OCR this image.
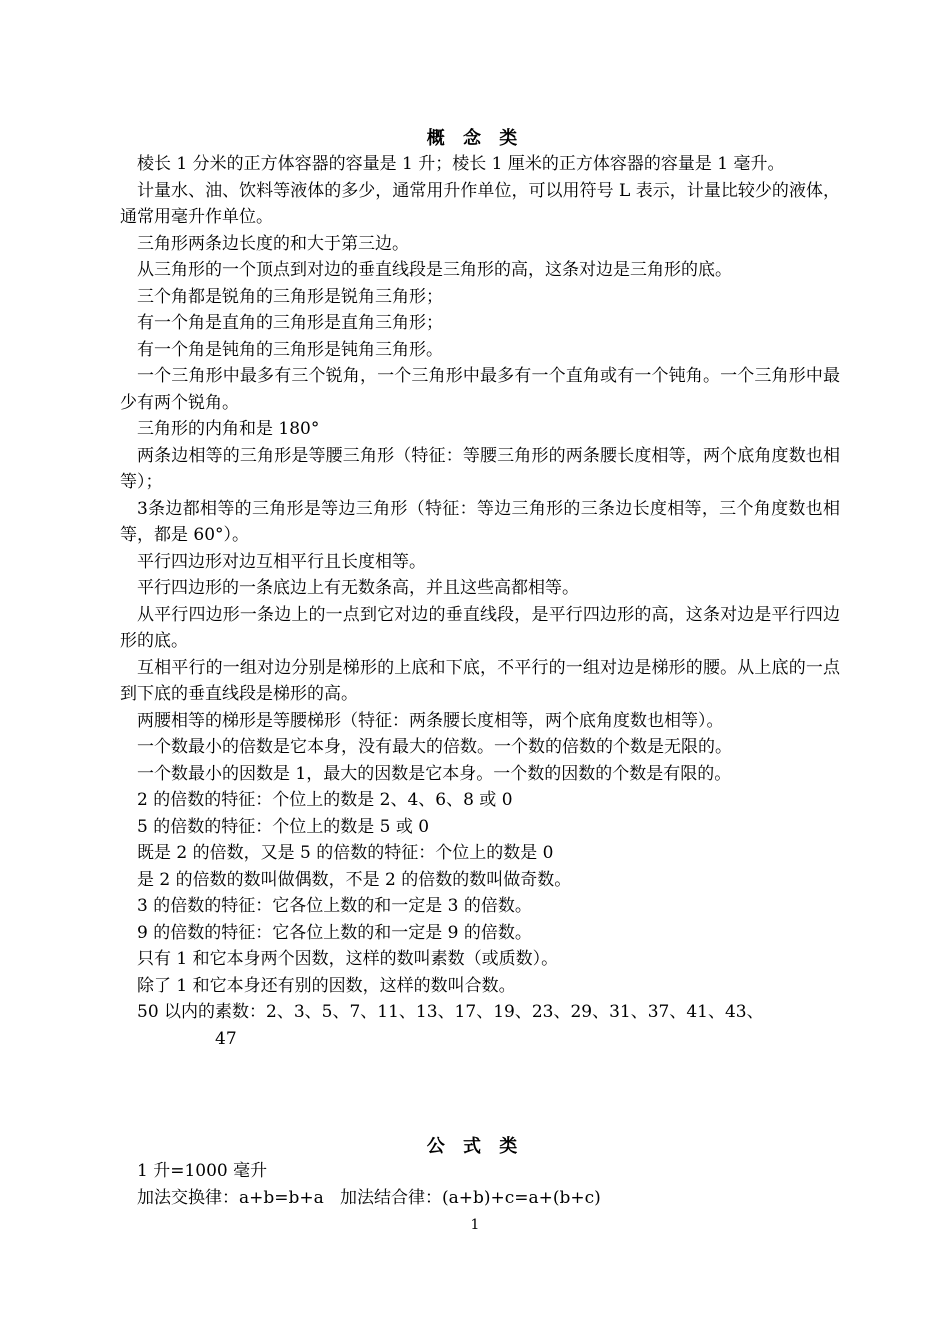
概 念 类

棱长 1 分米的正方体容器的容量是 1 升；棱长 1 厘米的正方体容器的容量是 1 毫升。

计量水、油、饮料等液体的多少，通常用升作单位，可以用符号 L 表示，计量比较少的液体，通常用毫升作单位。

三角形两条边长度的和大于第三边。

从三角形的一个顶点到对边的垂直线段是三角形的高，这条对边是三角形的底。

三个角都是锐角的三角形是锐角三角形；

有一个角是直角的三角形是直角三角形；

有一个角是钝角的三角形是钝角三角形。

一个三角形中最多有三个锐角，一个三角形中最多有一个直角或有一个钝角。一个三角形中最少有两个锐角。

三角形的内角和是 180°

两条边相等的三角形是等腰三角形（特征：等腰三角形的两条腰长度相等，两个底角度数也相等）；

3条边都相等的三角形是等边三角形（特征：等边三角形的三条边长度相等，三个角度数也相等，都是 60°）。

平行四边形对边互相平行且长度相等。

平行四边形的一条底边上有无数条高，并且这些高都相等。

从平行四边形一条边上的一点到它对边的垂直线段，是平行四边形的高，这条对边是平行四边形的底。

互相平行的一组对边分别是梯形的上底和下底，不平行的一组对边是梯形的腰。从上底的一点到下底的垂直线段是梯形的高。

两腰相等的梯形是等腰梯形（特征：两条腰长度相等，两个底角度数也相等）。

一个数最小的倍数是它本身，没有最大的倍数。一个数的倍数的个数是无限的。

一个数最小的因数是 1，最大的因数是它本身。一个数的因数的个数是有限的。

2 的倍数的特征：个位上的数是 2、4、6、8 或 0

5 的倍数的特征：个位上的数是 5 或 0

既是 2 的倍数，又是 5 的倍数的特征：个位上的数是 0

是 2 的倍数的数叫做偶数，不是 2 的倍数的数叫做奇数。

3 的倍数的特征：它各位上数的和一定是 3 的倍数。

9 的倍数的特征：它各位上数的和一定是 9 的倍数。

只有 1 和它本身两个因数，这样的数叫素数（或质数）。

除了 1 和它本身还有别的因数，这样的数叫合数。

50 以内的素数：2、3、5、7、11、13、17、19、23、29、31、37、41、43、

47

公 式 类

1 升=1000 毫升

加法交换律：a+b=b+a   加法结合律：(a+b)+c=a+(b+c)

1
